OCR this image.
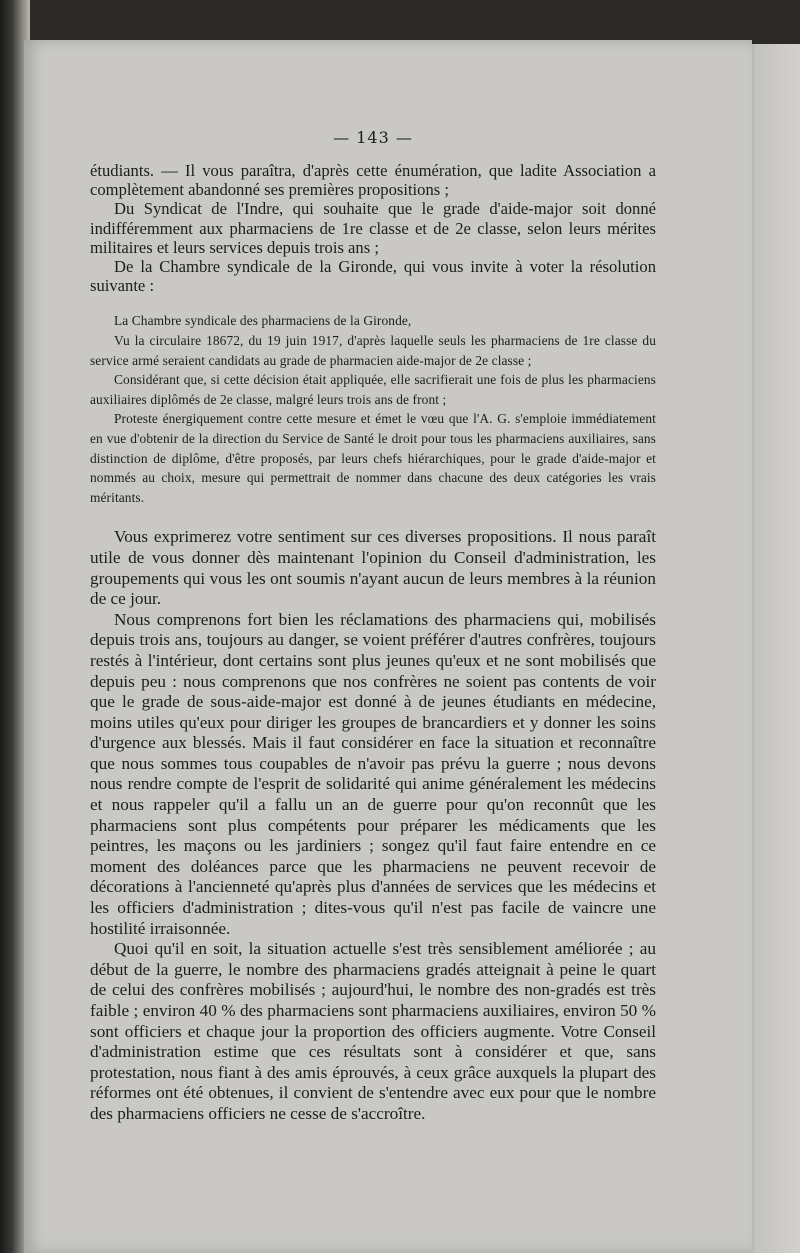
— 143 —

étudiants. — Il vous paraîtra, d'après cette énumération, que ladite Association a complètement abandonné ses premières propositions ;

Du Syndicat de l'Indre, qui souhaite que le grade d'aide-major soit donné indifféremment aux pharmaciens de 1re classe et de 2e classe, selon leurs mérites militaires et leurs services depuis trois ans ;

De la Chambre syndicale de la Gironde, qui vous invite à voter la résolution suivante :

La Chambre syndicale des pharmaciens de la Gironde,

Vu la circulaire 18672, du 19 juin 1917, d'après laquelle seuls les pharmaciens de 1re classe du service armé seraient candidats au grade de pharmacien aide-major de 2e classe ;

Considérant que, si cette décision était appliquée, elle sacrifierait une fois de plus les pharmaciens auxiliaires diplômés de 2e classe, malgré leurs trois ans de front ;

Proteste énergiquement contre cette mesure et émet le vœu que l'A. G. s'emploie immédiatement en vue d'obtenir de la direction du Service de Santé le droit pour tous les pharmaciens auxiliaires, sans distinction de diplôme, d'être proposés, par leurs chefs hiérarchiques, pour le grade d'aide-major et nommés au choix, mesure qui permettrait de nommer dans chacune des deux catégories les vrais méritants.

Vous exprimerez votre sentiment sur ces diverses propositions. Il nous paraît utile de vous donner dès maintenant l'opinion du Conseil d'administration, les groupements qui vous les ont soumis n'ayant aucun de leurs membres à la réunion de ce jour.

Nous comprenons fort bien les réclamations des pharmaciens qui, mobilisés depuis trois ans, toujours au danger, se voient préférer d'autres confrères, toujours restés à l'intérieur, dont certains sont plus jeunes qu'eux et ne sont mobilisés que depuis peu : nous comprenons que nos confrères ne soient pas contents de voir que le grade de sous-aide-major est donné à de jeunes étudiants en médecine, moins utiles qu'eux pour diriger les groupes de brancardiers et y donner les soins d'urgence aux blessés. Mais il faut considérer en face la situation et reconnaître que nous sommes tous coupables de n'avoir pas prévu la guerre ; nous devons nous rendre compte de l'esprit de solidarité qui anime généralement les médecins et nous rappeler qu'il a fallu un an de guerre pour qu'on reconnût que les pharmaciens sont plus compétents pour préparer les médicaments que les peintres, les maçons ou les jardiniers ; songez qu'il faut faire entendre en ce moment des doléances parce que les pharmaciens ne peuvent recevoir de décorations à l'ancienneté qu'après plus d'années de services que les médecins et les officiers d'administration ; dites-vous qu'il n'est pas facile de vaincre une hostilité irraisonnée.

Quoi qu'il en soit, la situation actuelle s'est très sensiblement améliorée ; au début de la guerre, le nombre des pharmaciens gradés atteignait à peine le quart de celui des confrères mobilisés ; aujourd'hui, le nombre des non-gradés est très faible ; environ 40 % des pharmaciens sont pharmaciens auxiliaires, environ 50 % sont officiers et chaque jour la proportion des officiers augmente. Votre Conseil d'administration estime que ces résultats sont à considérer et que, sans protestation, nous fiant à des amis éprouvés, à ceux grâce auxquels la plupart des réformes ont été obtenues, il convient de s'entendre avec eux pour que le nombre des pharmaciens officiers ne cesse de s'accroître.
